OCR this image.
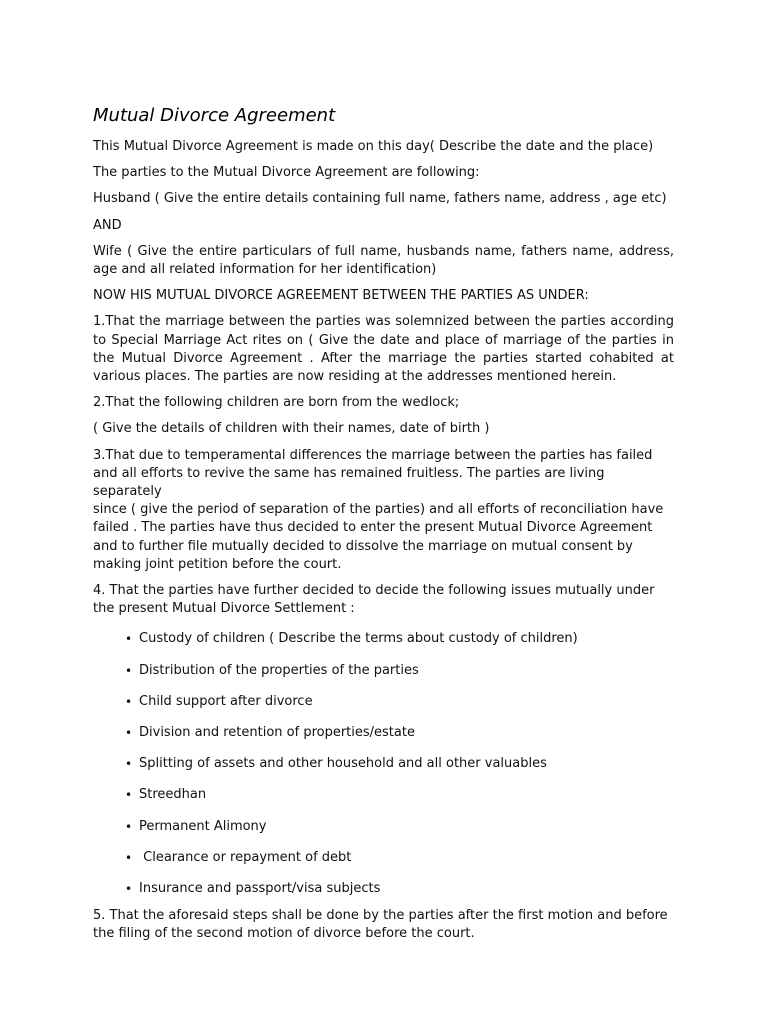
Mutual Divorce Agreement

This Mutual Divorce Agreement is made on this day( Describe the date and the place)

The parties to the Mutual Divorce Agreement are following:

Husband ( Give the entire details containing full name, fathers name, address , age etc)

AND

Wife ( Give the entire particulars of full name, husbands name, fathers name, address, age and all related information for her identification)

NOW HIS MUTUAL DIVORCE AGREEMENT BETWEEN THE PARTIES AS UNDER:

1.That the marriage between the parties was solemnized between the parties according to Special Marriage Act rites on ( Give the date and place of marriage of the parties in the Mutual Divorce Agreement . After the marriage the parties started cohabited at various places. The parties are now residing at the addresses mentioned herein.

2.That the following children are born from the wedlock;

( Give the details of children with their names, date of birth )

3.That due to temperamental differences the marriage between the parties has failed
and all efforts to revive the same has remained fruitless. The parties are living separately
since ( give the period of separation of the parties) and all efforts of reconciliation have
failed . The parties have thus decided to enter the present Mutual Divorce Agreement
and to further file mutually decided to dissolve the marriage on mutual consent by
making joint petition before the court.

4. That the parties have further decided to decide the following issues mutually under
the present Mutual Divorce Settlement :

• Custody of children ( Describe the terms about custody of children)
• Distribution of the properties of the parties
• Child support after divorce
• Division and retention of properties/estate
• Splitting of assets and other household and all other valuables
• Streedhan
• Permanent Alimony
• Clearance or repayment of debt
• Insurance and passport/visa subjects

5. That the aforesaid steps shall be done by the parties after the first motion and before
the filing of the second motion of divorce before the court.
